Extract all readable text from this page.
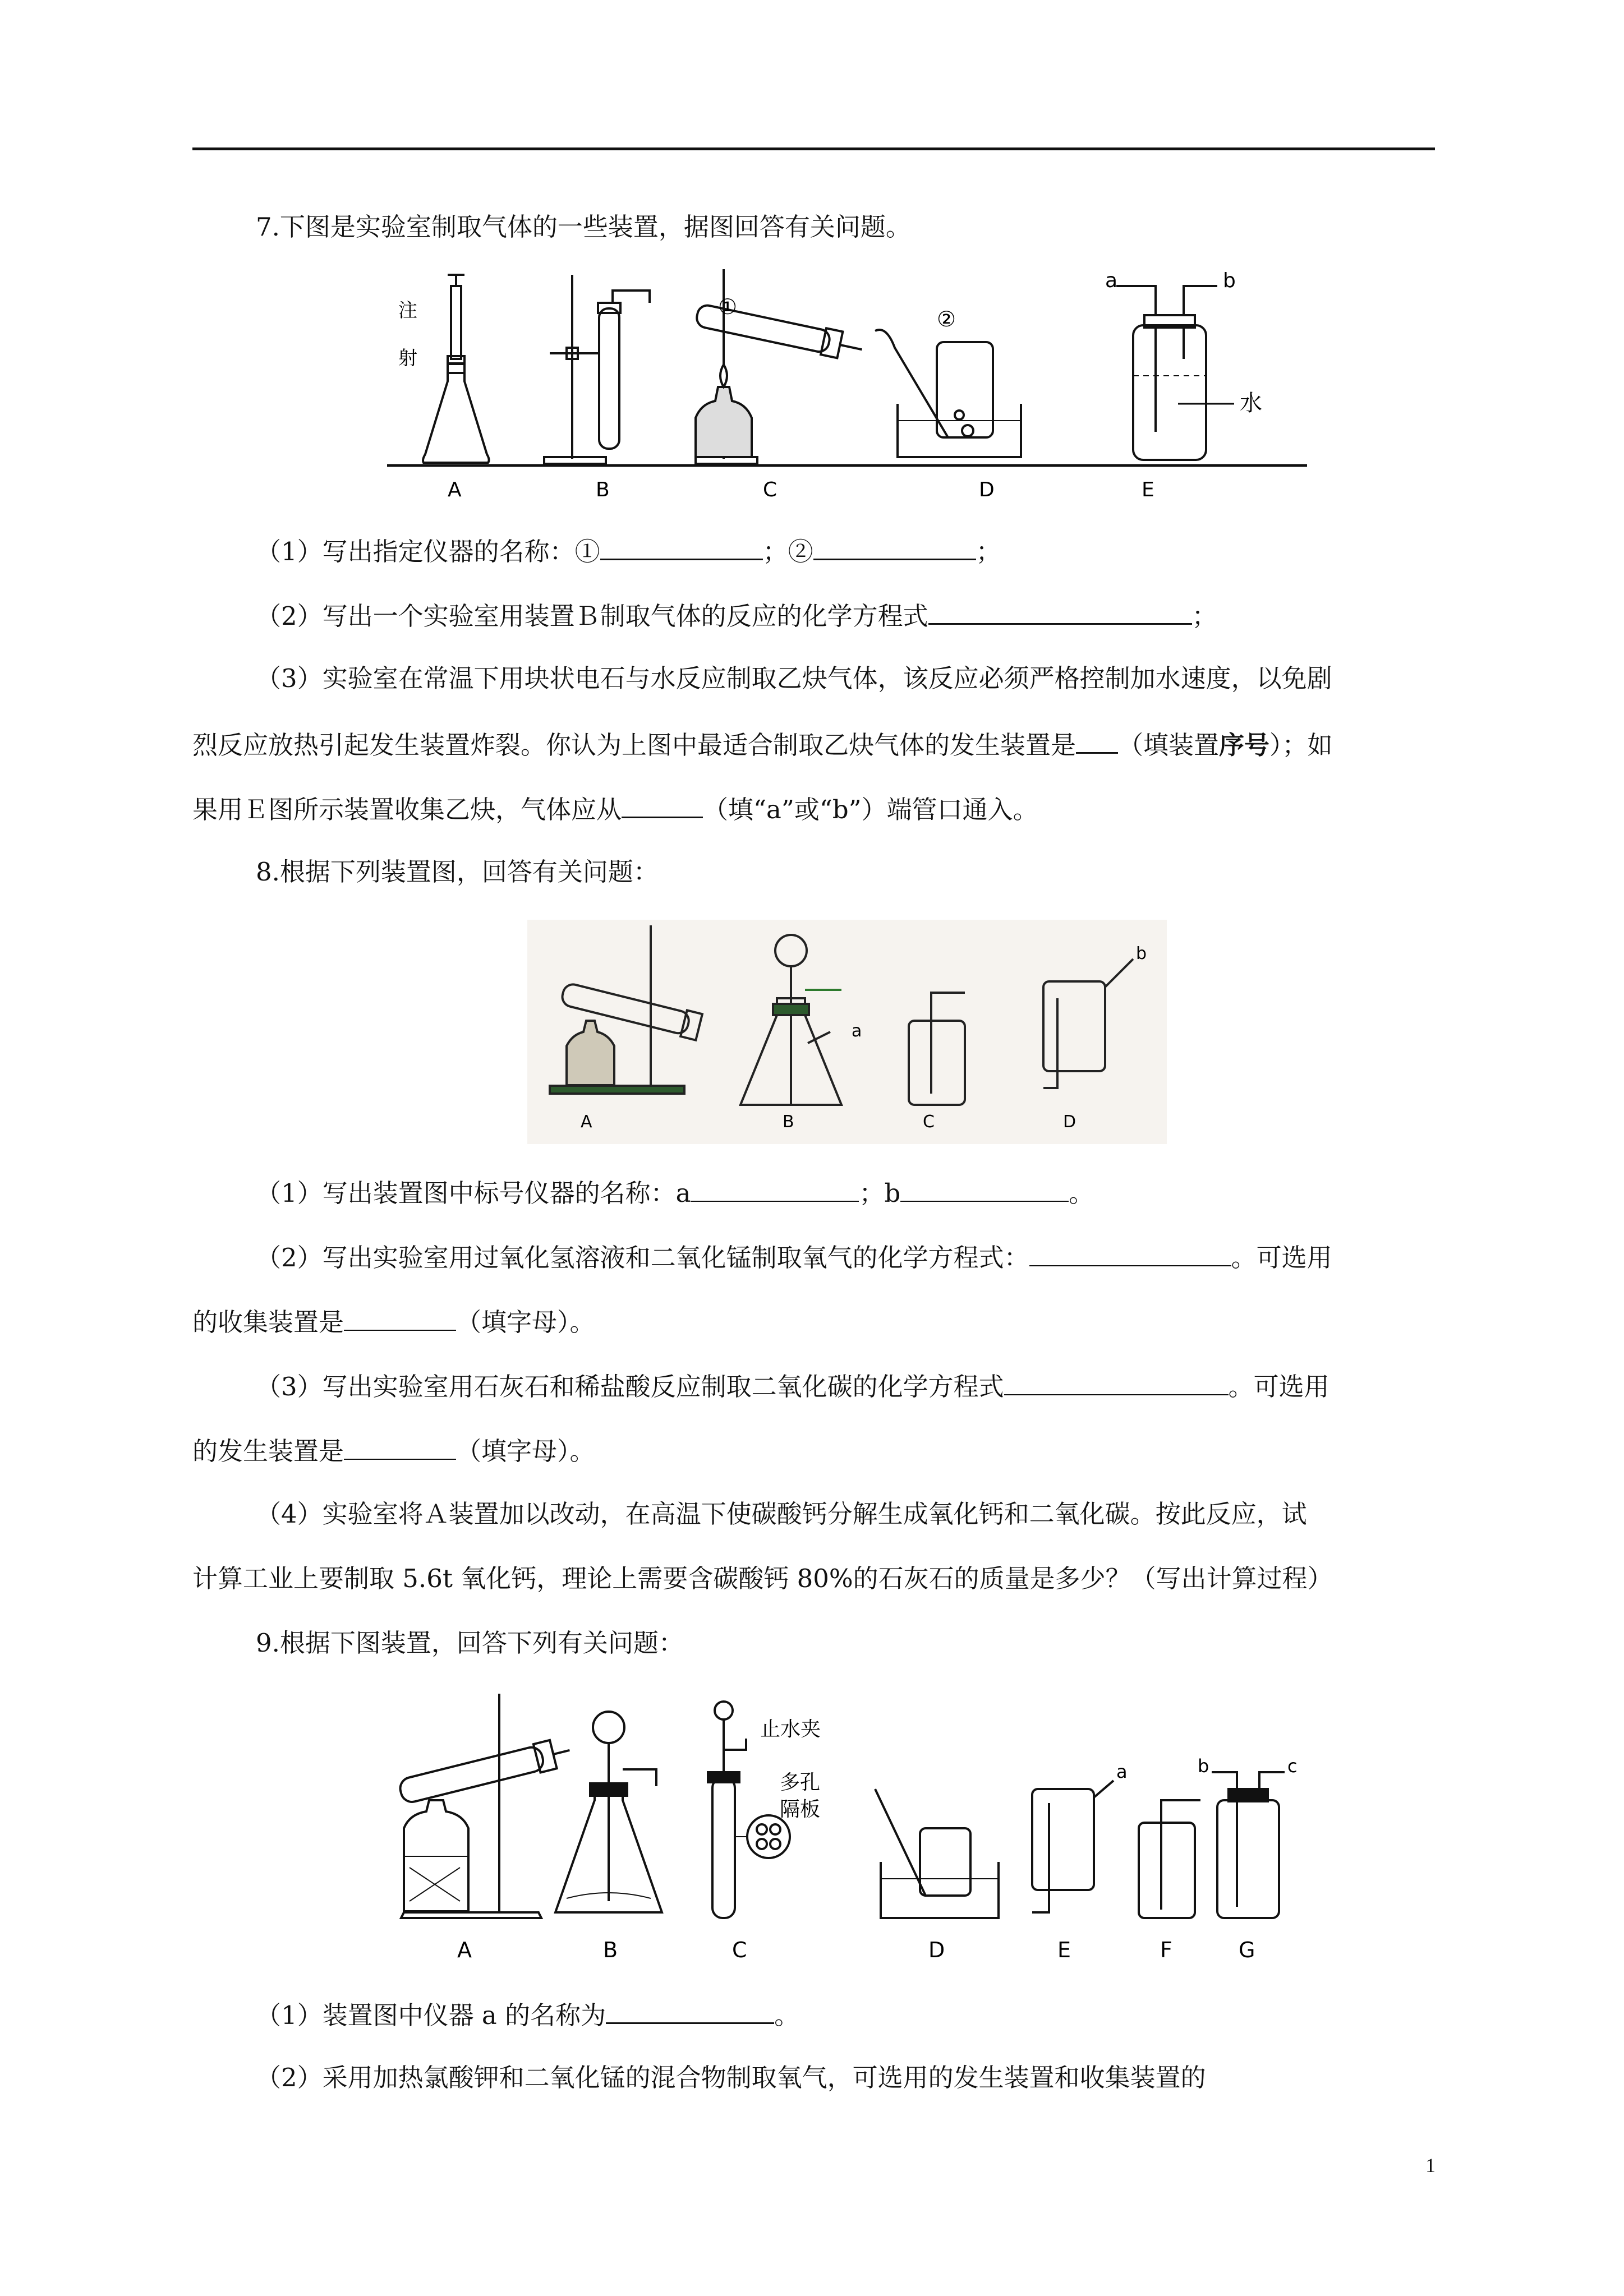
7.下图是实验室制取气体的一些装置，据图回答有关问题。
注
射
①	②
a	b
水
A	B	C	D	E
（1）写出指定仪器的名称：①	；②	；
（2）写出一个实验室用装置Ｂ制取气体的反应的化学方程式	；
（3）实验室在常温下用块状电石与水反应制取乙炔气体，该反应必须严格控制加水速度，以免剧
烈反应放热引起发生装置炸裂。你认为上图中最适合制取乙炔气体的发生装置是 （填装置序号）；如
果用Ｅ图所示装置收集乙炔，气体应从	（填“a”或“b”）端管口通入。
8.根据下列装置图，回答有关问题：
a
b
A	B	C	D
（1）写出装置图中标号仪器的名称：a	；b	。
（2）写出实验室用过氧化氢溶液和二氧化锰制取氧气的化学方程式：	。可选用
的收集装置是	（填字母）。
（3）写出实验室用石灰石和稀盐酸反应制取二氧化碳的化学方程式	。可选用
的发生装置是	（填字母）。
（4）实验室将Ａ装置加以改动，在高温下使碳酸钙分解生成氧化钙和二氧化碳。按此反应，试
计算工业上要制取 5.6t 氧化钙，理论上需要含碳酸钙 80%的石灰石的质量是多少？（写出计算过程）
9.根据下图装置，回答下列有关问题：
止水夹
多孔
隔板
a	b	c
A	B	C	D	E	F	G
（1）装置图中仪器 a 的名称为	。
（2）采用加热氯酸钾和二氧化锰的混合物制取氧气，可选用的发生装置和收集装置的
1
